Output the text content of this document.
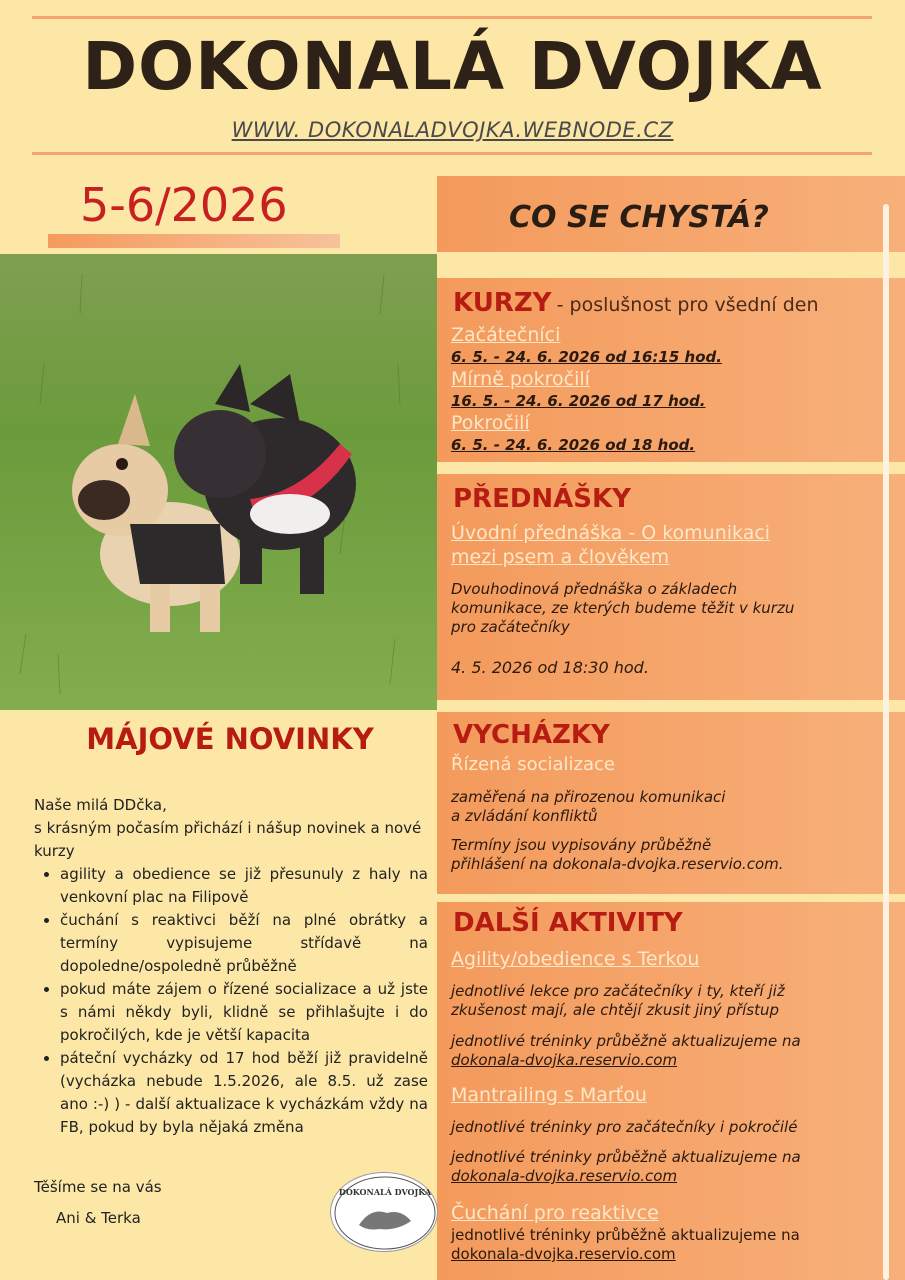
DOKONALÁ DVOJKA
WWW. DOKONALADVOJKA.WEBNODE.CZ
5-6/2026	CO SE CHYSTÁ?
KURZY - poslušnost pro všední den
Začátečníci
6. 5. - 24. 6. 2026 od 16:15 hod.
Mírně pokročilí
16. 5. - 24. 6. 2026 od 17 hod.
Pokročilí
6. 5. - 24. 6. 2026 od 18 hod.
PŘEDNÁŠKY
Úvodní přednáška - O komunikaci
mezi psem a člověkem
Dvouhodinová přednáška o základech
komunikace, ze kterých budeme těžit v kurzu
pro začátečníky
4. 5. 2026 od 18:30 hod.
VYCHÁZKY
Řízená socializace
zaměřená na přirozenou komunikaci
a zvládání konfliktů
Termíny jsou vypisovány průběžně
přihlášení na dokonala-dvojka.reservio.com.
DALŠÍ AKTIVITY
Agility/obedience s Terkou
jednotlivé lekce pro začátečníky i ty, kteří již
zkušenost mají, ale chtějí zkusit jiný přístup
jednotlivé tréninky průběžně aktualizujeme na
dokonala-dvojka.reservio.com
Mantrailing s Marťou
jednotlivé tréninky pro začátečníky i pokročilé
jednotlivé tréninky průběžně aktualizujeme na
dokonala-dvojka.reservio.com
Čuchání pro reaktivce
jednotlivé tréninky průběžně aktualizujeme na
dokonala-dvojka.reservio.com
MÁJOVÉ NOVINKY
Naše milá DDčka,
s krásným počasím přichází i nášup novinek a nové kurzy
• agility a obedience se již přesunuly z haly na venkovní plac na Filipově
• čuchání s reaktivci běží na plné obrátky a termíny vypisujeme střídavě na dopoledne/ospoledně průběžně
• pokud máte zájem o řízené socializace a už jste s námi někdy byli, klidně se přihlašujte i do pokročilých, kde je větší kapacita
• páteční vycházky od 17 hod běží již pravidelně (vycházka nebude 1.5.2026, ale 8.5. už zase ano :-) ) - další aktualizace k vycházkám vždy na FB, pokud by byla nějaká změna
Těšíme se na vás
Ani & Terka
DOKONALÁ DVOJKA
